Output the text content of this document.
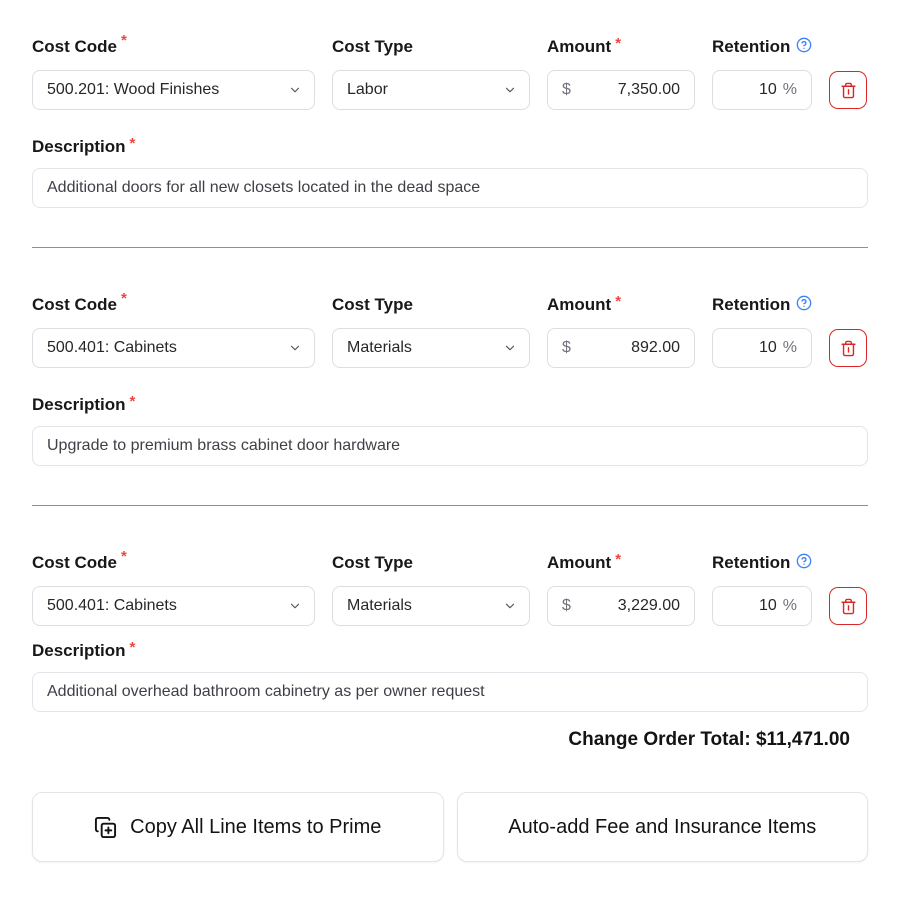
Cost Code *
500.201: Wood Finishes
Cost Type
Labor
Amount *
$
7,350.00
Retention
10
%
Description *
Additional doors for all new closets located in the dead space
Cost Code *
500.401: Cabinets
Cost Type
Materials
Amount *
$
892.00
Retention
10
%
Description *
Upgrade to premium brass cabinet door hardware
Cost Code *
500.401: Cabinets
Cost Type
Materials
Amount *
$
3,229.00
Retention
10
%
Description *
Additional overhead bathroom cabinetry as per owner request
Change Order Total: $11,471.00
Copy All Line Items to Prime	Auto-add Fee and Insurance Items
